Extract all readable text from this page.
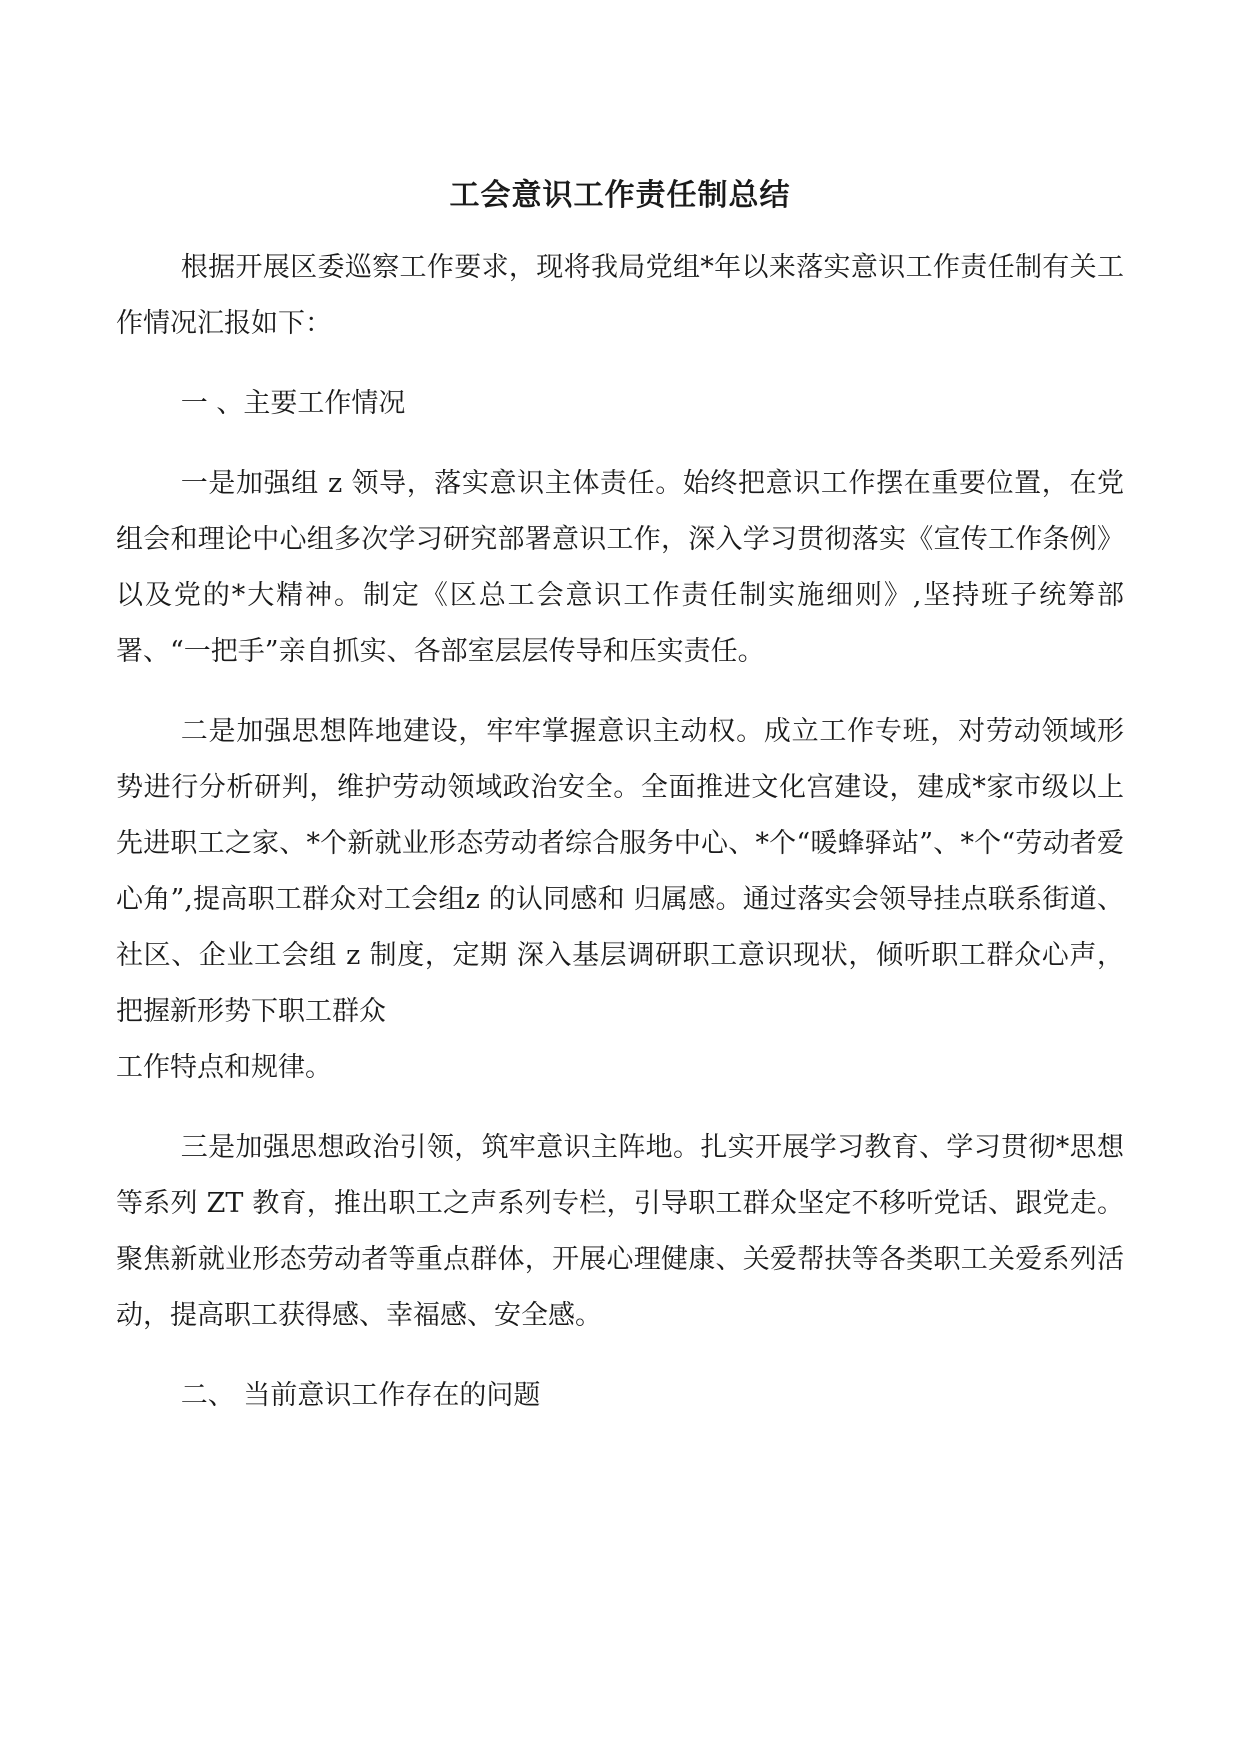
工会意识工作责任制总结

根据开展区委巡察工作要求，现将我局党组*年以来落实意识工作责任制有关工作情况汇报如下：

一 、主要工作情况

一是加强组 z 领导，落实意识主体责任。始终把意识工作摆在重要位置，在党组会和理论中心组多次学习研究部署意识工作，深入学习贯彻落实《宣传工作条例》以及党的*大精神。制定《区总工会意识工作责任制实施细则》,坚持班子统筹部署、“一把手”亲自抓实、各部室层层传导和压实责任。

二是加强思想阵地建设，牢牢掌握意识主动权。成立工作专班，对劳动领域形势进行分析研判，维护劳动领域政治安全。全面推进文化宫建设，建成*家市级以上先进职工之家、*个新就业形态劳动者综合服务中心、*个“暖蜂驿站”、*个“劳动者爱心角”,提高职工群众对工会组z 的认同感和 归属感。通过落实会领导挂点联系街道、社区、企业工会组 z 制度，定期 深入基层调研职工意识现状，倾听职工群众心声，把握新形势下职工群众

工作特点和规律。

三是加强思想政治引领，筑牢意识主阵地。扎实开展学习教育、学习贯彻*思想等系列 ZT 教育，推出职工之声系列专栏，引导职工群众坚定不移听党话、跟党走。聚焦新就业形态劳动者等重点群体，开展心理健康、关爱帮扶等各类职工关爱系列活动，提高职工获得感、幸福感、安全感。

二、 当前意识工作存在的问题
